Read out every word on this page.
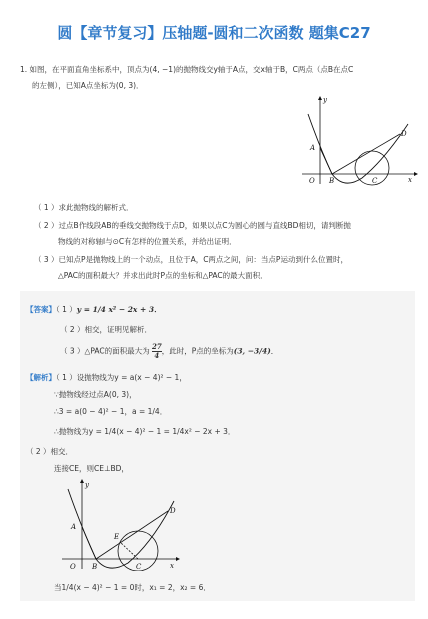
圆【章节复习】压轴题-圆和二次函数 题集C27
1. 如图，在平面直角坐标系中，顶点为(4, −1)的抛物线交y轴于A点，交x轴于B，C两点（点B在点C
的左侧），已知A点坐标为(0, 3)．
y
x
A
O B	C
D
（ 1 ）求此抛物线的解析式．
（ 2 ）过点B作线段AB的垂线交抛物线于点D，如果以点C为圆心的圆与直线BD相切，请判断抛
物线的对称轴l与⊙C有怎样的位置关系，并给出证明．
（ 3 ）已知点P是抛物线上的一个动点，且位于A，C两点之间，问：当点P运动到什么位置时，
△PAC的面积最大？并求出此时P点的坐标和△PAC的最大面积．
【答案】（ 1 ）y = 1/4 x² − 2x + 3．
（ 2 ）相交，证明见解析．
（ 3 ）△PAC的面积最大为 $\frac{27}{4}$ ，此时，P点的坐标为(3, −3/4)．
【解析】（ 1 ）设抛物线为y = a(x − 4)² − 1，
∵抛物线经过点A(0, 3)，
∴3 = a(0 − 4)² − 1，a = 1/4．
∴抛物线为y = 1/4(x − 4)² − 1 = 1/4x² − 2x + 3．
（ 2 ）相交．
连接CE，则CE⊥BD，
y
x
A
O B	C
D
E
当1/4(x − 4)² − 1 = 0时，x₁ = 2，x₂ = 6．
